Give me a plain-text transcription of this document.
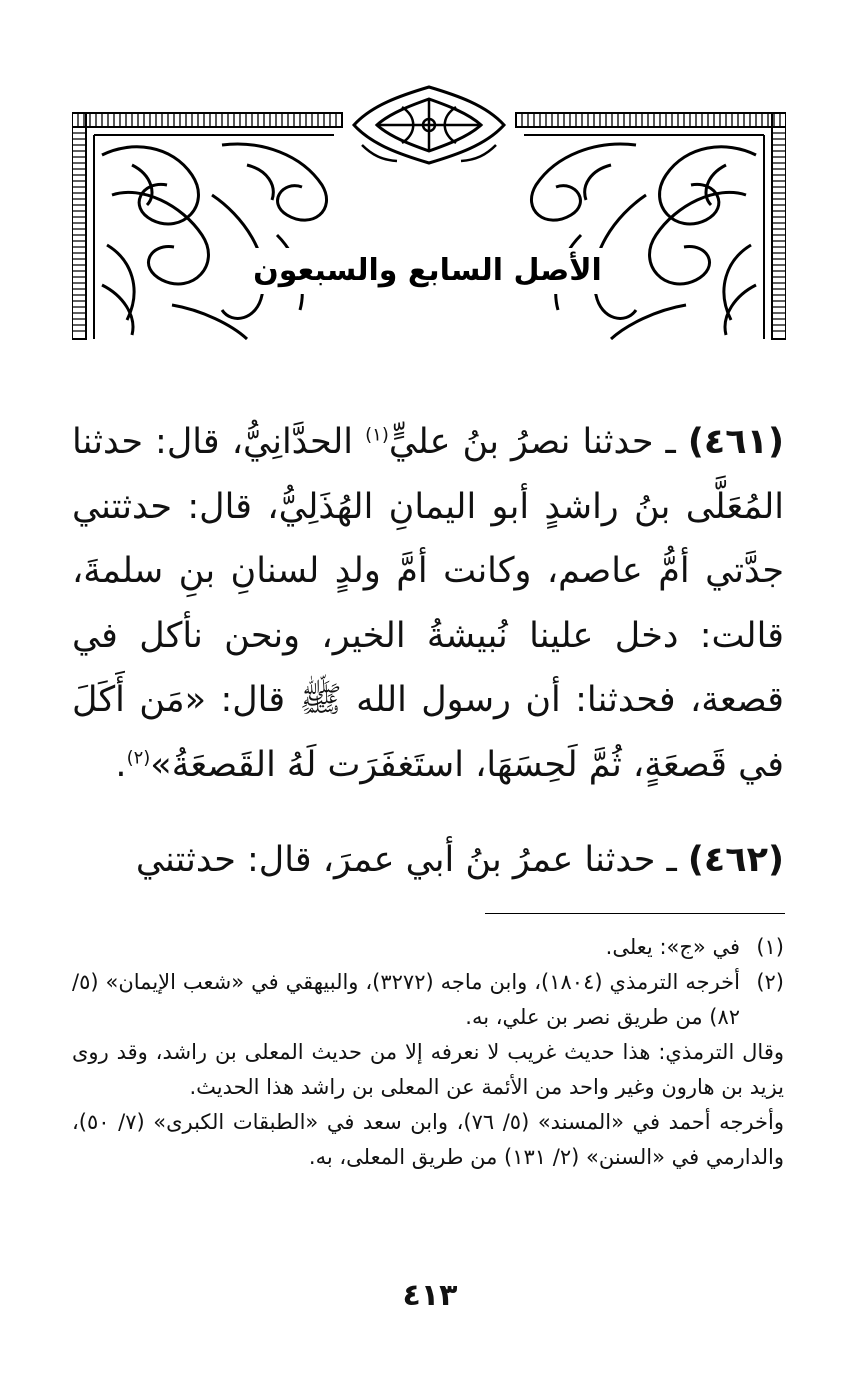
الأصل السابع والسبعون

(٤٦١) ـ حدثنا نصرُ بنُ عليٍّ$^{(١)}$ الحدَّانِيُّ، قال: حدثنا المُعَلَّى بنُ راشدٍ أبو اليمانِ الهُذَلِيُّ، قال: حدثتني جدَّتي أمُّ عاصم، وكانت أمَّ ولدٍ لسنانِ بنِ سلمةَ، قالت: دخل علينا نُبيشةُ الخير، ونحن نأكل في قصعة، فحدثنا: أن رسول الله ﷺ قال: «مَن أَكَلَ في قَصعَةٍ، ثُمَّ لَحِسَهَا، استَغفَرَت لَهُ القَصعَةُ»$^{(٢)}$.

(٤٦٢) ـ حدثنا عمرُ بنُ أبي عمرَ، قال: حدثتني

(١)
في «ج»: يعلى.
(٢)
أخرجه الترمذي (١٨٠٤)، وابن ماجه (٣٢٧٢)، والبيهقي في «شعب الإيمان» (٥/ ٨٢) من طريق نصر بن علي، به.

وقال الترمذي: هذا حديث غريب لا نعرفه إلا من حديث المعلى بن راشد، وقد روى يزيد بن هارون وغير واحد من الأئمة عن المعلى بن راشد هذا الحديث.

وأخرجه أحمد في «المسند» (٥/ ٧٦)، وابن سعد في «الطبقات الكبرى» (٧/ ٥٠)، والدارمي في «السنن» (٢/ ١٣١) من طريق المعلى، به.

٤١٣
